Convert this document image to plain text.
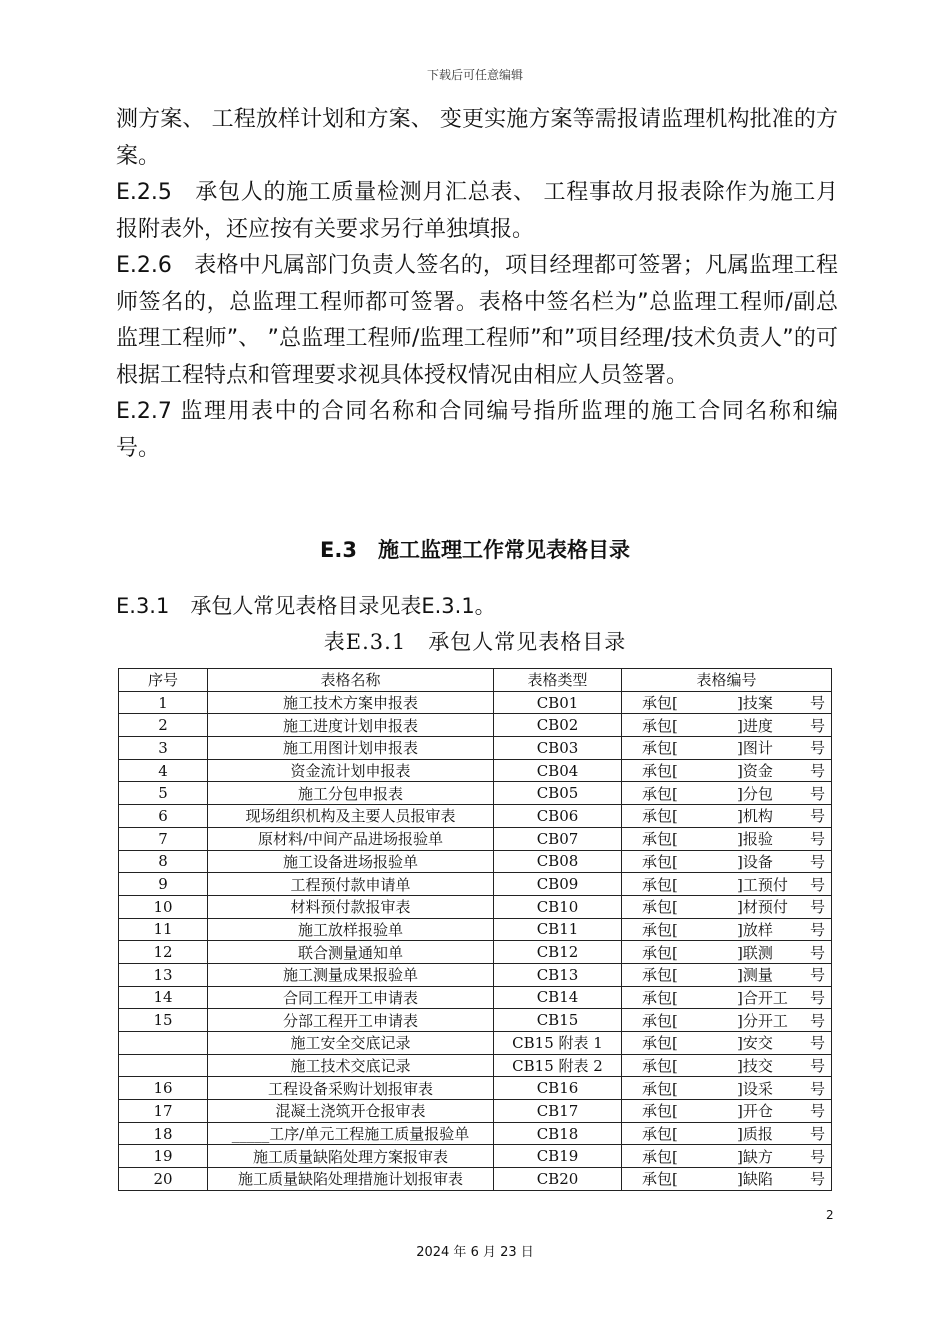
下载后可任意编辑

测方案、 工程放样计划和方案、 变更实施方案等需报请监理机构批准的方案。

E.2.5　承包人的施工质量检测月汇总表、 工程事故月报表除作为施工月报附表外，还应按有关要求另行单独填报。

E.2.6　表格中凡属部门负责人签名的，项目经理都可签署；凡属监理工程师签名的，总监理工程师都可签署。表格中签名栏为”总监理工程师/副总监理工程师”、 ”总监理工程师/监理工程师”和”项目经理/技术负责人”的可根据工程特点和管理要求视具体授权情况由相应人员签署。

E.2.7 监理用表中的合同名称和合同编号指所监理的施工合同名称和编号。

E.3　施工监理工作常见表格目录
E.3.1　承包人常见表格目录见表E.3.1。
表E.3.1　承包人常见表格目录
序号	表格名称	表格类型	表格编号
1	施工技术方案申报表	CB01	承包[ ]技案 号
2	施工进度计划申报表	CB02	承包[ ]进度 号
3	施工用图计划申报表	CB03	承包[ ]图计 号
4	资金流计划申报表	CB04	承包[ ]资金 号
5	施工分包申报表	CB05	承包[ ]分包 号
6	现场组织机构及主要人员报审表	CB06	承包[ ]机构 号
7	原材料/中间产品进场报验单	CB07	承包[ ]报验 号
8	施工设备进场报验单	CB08	承包[ ]设备 号
9	工程预付款申请单	CB09	承包[ ]工预付 号
10	材料预付款报审表	CB10	承包[ ]材预付 号
11	施工放样报验单	CB11	承包[ ]放样 号
12	联合测量通知单	CB12	承包[ ]联测 号
13	施工测量成果报验单	CB13	承包[ ]测量 号
14	合同工程开工申请表	CB14	承包[ ]合开工 号
15	分部工程开工申请表	CB15	承包[ ]分开工 号
	施工安全交底记录	CB15 附表 1	承包[ ]安交 号
	施工技术交底记录	CB15 附表 2	承包[ ]技交 号
16	工程设备采购计划报审表	CB16	承包[ ]设采 号
17	混凝土浇筑开仓报审表	CB17	承包[ ]开仓 号
18	_____工序/单元工程施工质量报验单	CB18	承包[ ]质报 号
19	施工质量缺陷处理方案报审表	CB19	承包[ ]缺方 号
20	施工质量缺陷处理措施计划报审表	CB20	承包[ ]缺陷 号
2
2024 年 6 月 23 日
